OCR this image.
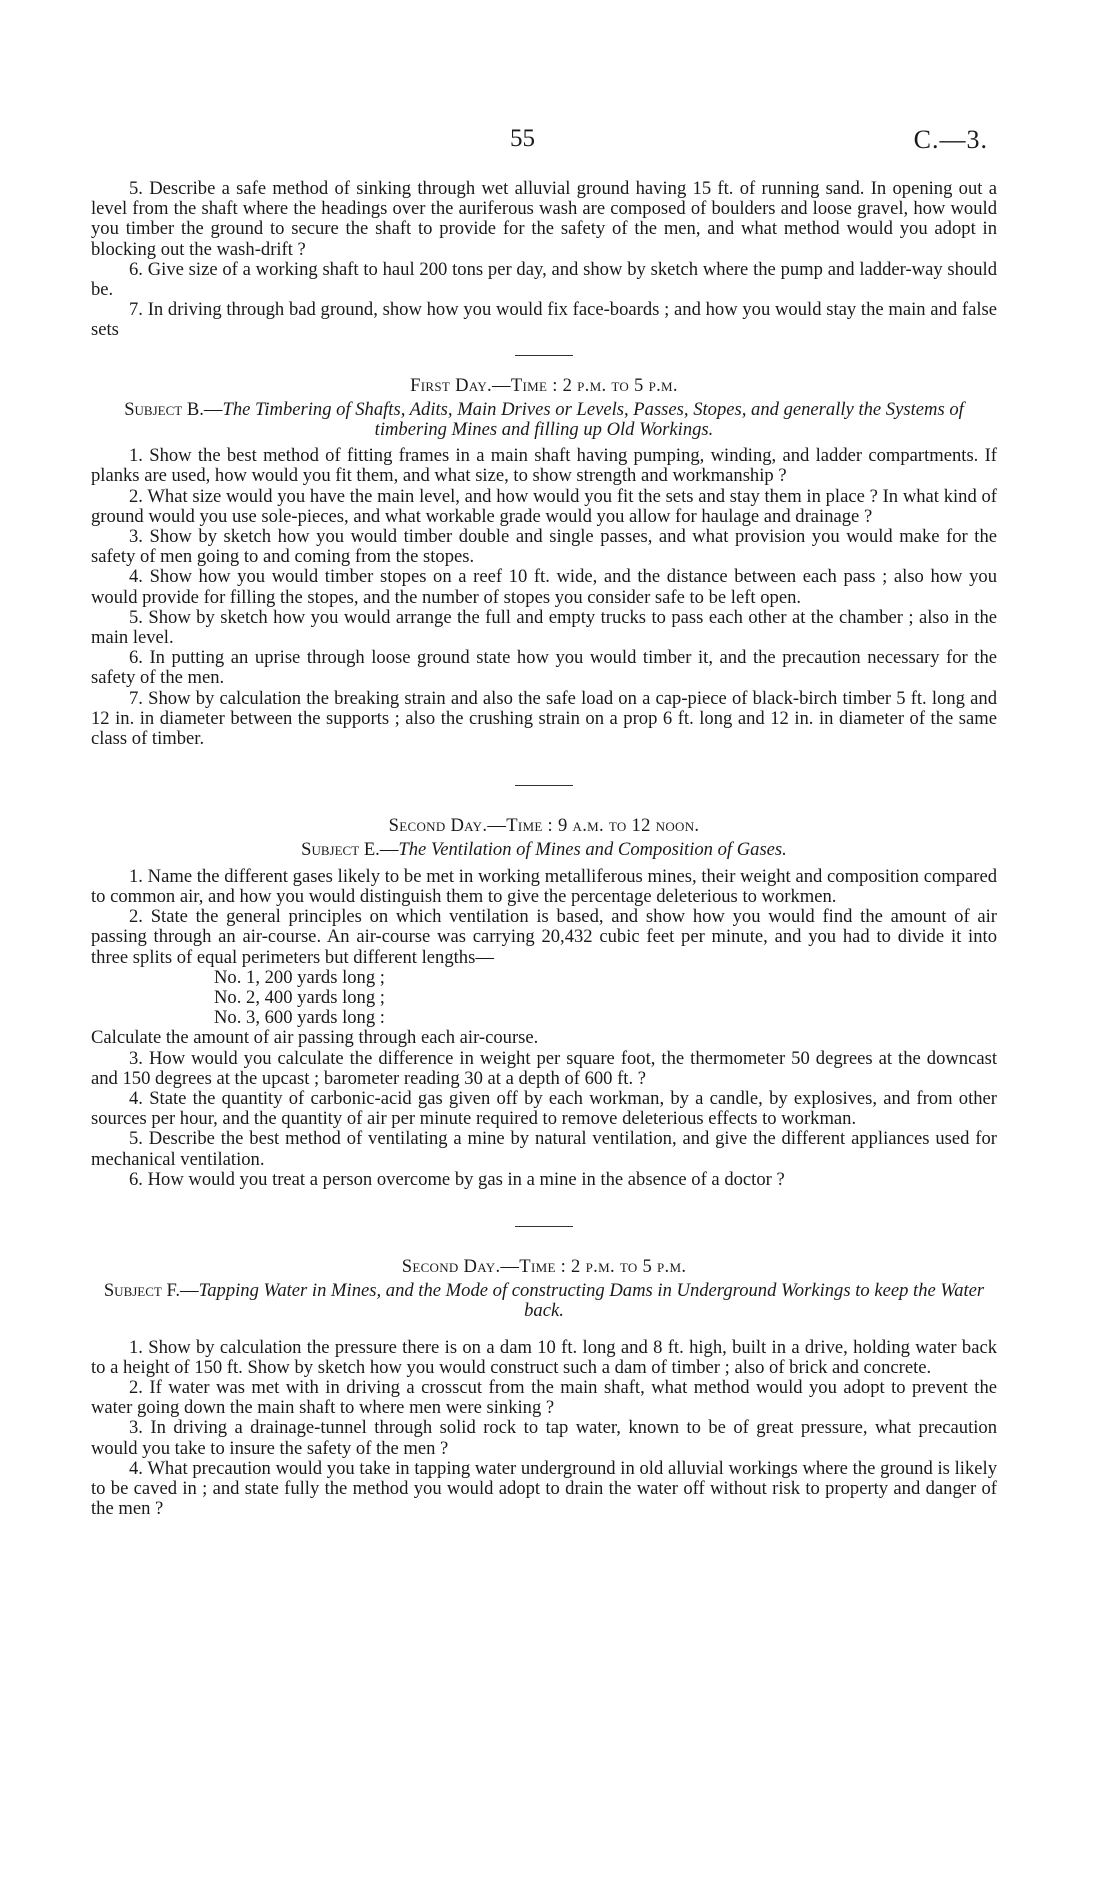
55	C.—3.

5. Describe a safe method of sinking through wet alluvial ground having 15 ft. of running sand. In opening out a level from the shaft where the headings over the auriferous wash are composed of boulders and loose gravel, how would you timber the ground to secure the shaft to provide for the safety of the men, and what method would you adopt in blocking out the wash-drift ?

6. Give size of a working shaft to haul 200 tons per day, and show by sketch where the pump and ladder-way should be.

7. In driving through bad ground, show how you would fix face-boards ; and how you would stay the main and false sets

First Day.—Time : 2 p.m. to 5 p.m.

Subject B.—The Timbering of Shafts, Adits, Main Drives or Levels, Passes, Stopes, and generally the Systems of timbering Mines and filling up Old Workings.

1. Show the best method of fitting frames in a main shaft having pumping, winding, and ladder compartments. If planks are used, how would you fit them, and what size, to show strength and workmanship ?

2. What size would you have the main level, and how would you fit the sets and stay them in place ? In what kind of ground would you use sole-pieces, and what workable grade would you allow for haulage and drainage ?

3. Show by sketch how you would timber double and single passes, and what provision you would make for the safety of men going to and coming from the stopes.

4. Show how you would timber stopes on a reef 10 ft. wide, and the distance between each pass ; also how you would provide for filling the stopes, and the number of stopes you consider safe to be left open.

5. Show by sketch how you would arrange the full and empty trucks to pass each other at the chamber ; also in the main level.

6. In putting an uprise through loose ground state how you would timber it, and the precaution necessary for the safety of the men.

7. Show by calculation the breaking strain and also the safe load on a cap-piece of black-birch timber 5 ft. long and 12 in. in diameter between the supports ; also the crushing strain on a prop 6 ft. long and 12 in. in diameter of the same class of timber.

Second Day.—Time : 9 a.m. to 12 noon.

Subject E.—The Ventilation of Mines and Composition of Gases.

1. Name the different gases likely to be met in working metalliferous mines, their weight and composition compared to common air, and how you would distinguish them to give the percentage deleterious to workmen.

2. State the general principles on which ventilation is based, and show how you would find the amount of air passing through an air-course. An air-course was carrying 20,432 cubic feet per minute, and you had to divide it into three splits of equal perimeters but different lengths—

No. 1, 200 yards long ;

No. 2, 400 yards long ;

No. 3, 600 yards long :

Calculate the amount of air passing through each air-course.

3. How would you calculate the difference in weight per square foot, the thermometer 50 degrees at the downcast and 150 degrees at the upcast ; barometer reading 30 at a depth of 600 ft. ?

4. State the quantity of carbonic-acid gas given off by each workman, by a candle, by explosives, and from other sources per hour, and the quantity of air per minute required to remove deleterious effects to workman.

5. Describe the best method of ventilating a mine by natural ventilation, and give the different appliances used for mechanical ventilation.

6. How would you treat a person overcome by gas in a mine in the absence of a doctor ?

Second Day.—Time : 2 p.m. to 5 p.m.

Subject F.—Tapping Water in Mines, and the Mode of constructing Dams in Underground Workings to keep the Water back.

1. Show by calculation the pressure there is on a dam 10 ft. long and 8 ft. high, built in a drive, holding water back to a height of 150 ft. Show by sketch how you would construct such a dam of timber ; also of brick and concrete.

2. If water was met with in driving a crosscut from the main shaft, what method would you adopt to prevent the water going down the main shaft to where men were sinking ?

3. In driving a drainage-tunnel through solid rock to tap water, known to be of great pressure, what precaution would you take to insure the safety of the men ?

4. What precaution would you take in tapping water underground in old alluvial workings where the ground is likely to be caved in ; and state fully the method you would adopt to drain the water off without risk to property and danger of the men ?
